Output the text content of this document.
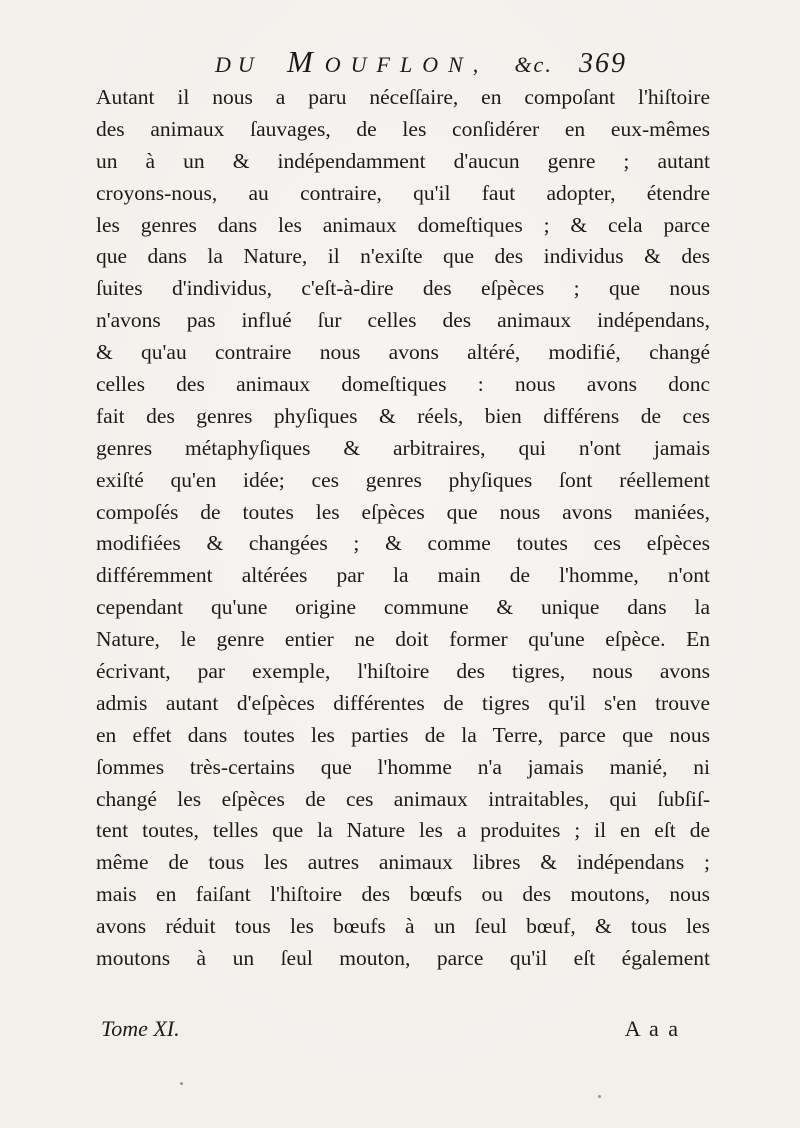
DU MOUFLON, &c. 369
Autant il nous a paru néceſſaire, en compoſant l'hiſtoire
des animaux ſauvages, de les conſidérer en eux-mêmes
un à un & indépendamment d'aucun genre ; autant
croyons-nous, au contraire, qu'il faut adopter, étendre
les genres dans les animaux domeſtiques ; & cela parce
que dans la Nature, il n'exiſte que des individus & des
ſuites d'individus, c'eſt-à-dire des eſpèces ; que nous
n'avons pas influé ſur celles des animaux indépendans,
& qu'au contraire nous avons altéré, modifié, changé
celles des animaux domeſtiques : nous avons donc
fait des genres phyſiques & réels, bien différens de ces
genres métaphyſiques & arbitraires, qui n'ont jamais
exiſté qu'en idée; ces genres phyſiques ſont réellement
compoſés de toutes les eſpèces que nous avons maniées,
modifiées & changées ; & comme toutes ces eſpèces
différemment altérées par la main de l'homme, n'ont
cependant qu'une origine commune & unique dans la
Nature, le genre entier ne doit former qu'une eſpèce. En
écrivant, par exemple, l'hiſtoire des tigres, nous avons
admis autant d'eſpèces différentes de tigres qu'il s'en trouve
en effet dans toutes les parties de la Terre, parce que nous
ſommes très-certains que l'homme n'a jamais manié, ni
changé les eſpèces de ces animaux intraitables, qui ſubſiſ-
tent toutes, telles que la Nature les a produites ; il en eſt de
même de tous les autres animaux libres & indépendans ;
mais en faiſant l'hiſtoire des bœufs ou des moutons, nous
avons réduit tous les bœufs à un ſeul bœuf, & tous les
moutons à un ſeul mouton, parce qu'il eſt également
Tome XI.	A a a
